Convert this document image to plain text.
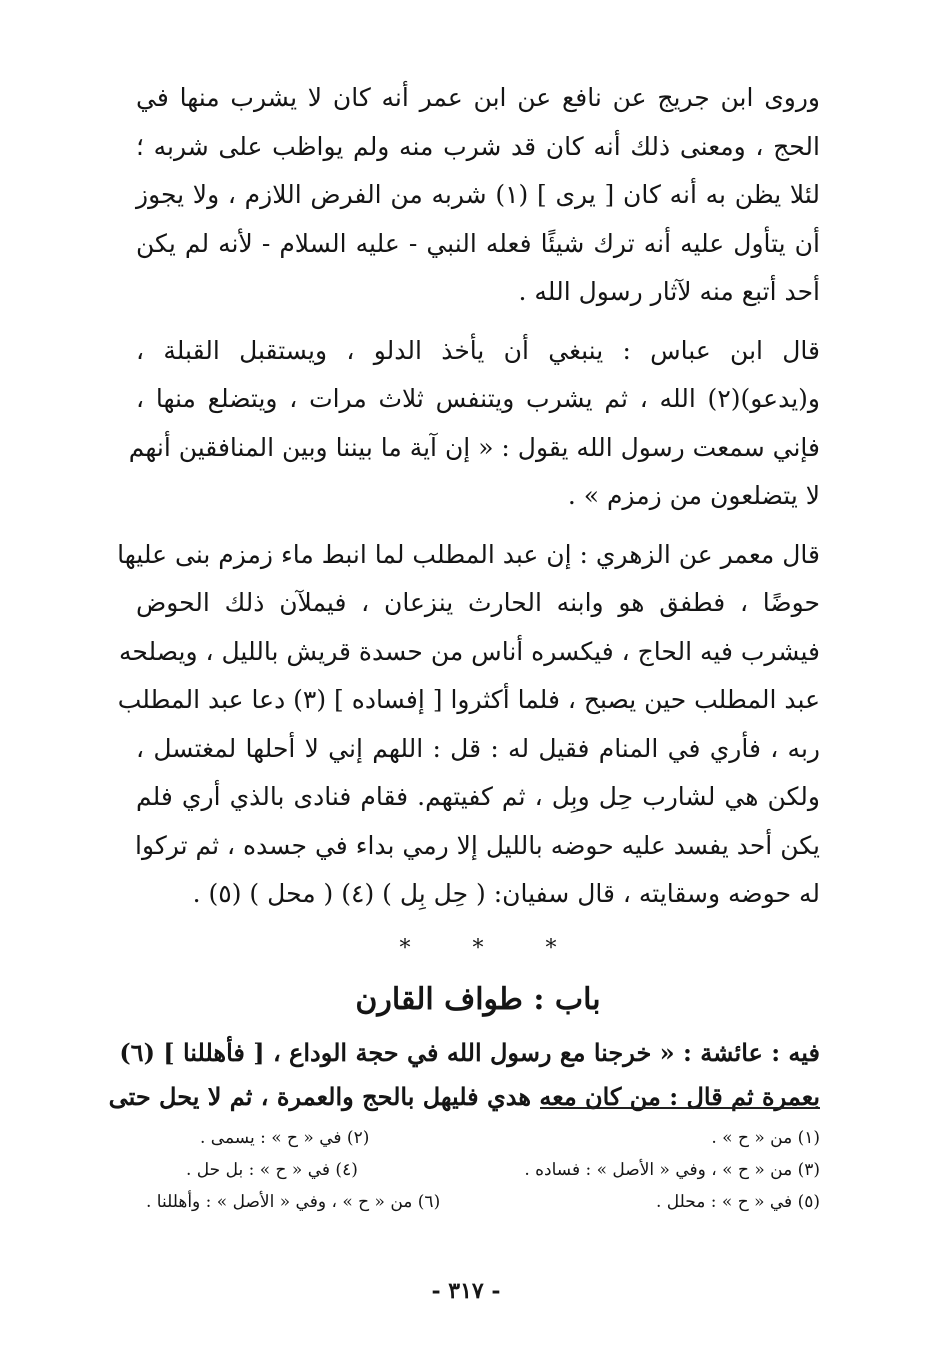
وروى ابن جريج عن نافع عن ابن عمر أنه كان لا يشرب منها في
الحج ، ومعنى ذلك أنه كان قد شرب منه ولم يواظب على شربه ؛
لئلا يظن به أنه كان [ يرى ] (١) شربه من الفرض اللازم ، ولا يجوز
أن يتأول عليه أنه ترك شيئًا فعله النبي - عليه السلام - لأنه لم يكن
أحد أتبع منه لآثار رسول الله .
قال ابن عباس : ينبغي أن يأخذ الدلو ، ويستقبل القبلة ،
و(يدعو)(٢) الله ، ثم يشرب ويتنفس ثلاث مرات ، ويتضلع منها ،
فإني سمعت رسول الله يقول : « إن آية ما بيننا وبين المنافقين أنهم
لا يتضلعون من زمزم » .
قال معمر عن الزهري : إن عبد المطلب لما انبط ماء زمزم بنى عليها
حوضًا ، فطفق هو وابنه الحارث ينزعان ، فيملآن ذلك الحوض
فيشرب فيه الحاج ، فيكسره أناس من حسدة قريش بالليل ، ويصلحه
عبد المطلب حين يصبح ، فلما أكثروا [ إفساده ] (٣) دعا عبد المطلب
ربه ، فأري في المنام فقيل له : قل : اللهم إني لا أحلها لمغتسل ،
ولكن هي لشارب حِل وبِل ، ثم كفيتهم. فقام فنادى بالذي أري فلم
يكن أحد يفسد عليه حوضه بالليل إلا رمي بداء في جسده ، ثم تركوا
له حوضه وسقايته ، قال سفيان: ( حِل بِل ) (٤) ( محل ) (٥) .
*
*
*
باب : طواف القارن
فيه : عائشة : « خرجنا مع رسول الله في حجة الوداع ، [ فأهللنا ] (٦)
بعمرة ثم قال : من كان معه هدي فليهل بالحج والعمرة ، ثم لا يحل حتى
(١) من « ح » .
(٢) في « ح » : يسمى .
(٣) من « ح » ، وفي « الأصل » : فساده .
(٤) في « ح » : بل حل .
(٥) في « ح » : محلل .
(٦) من « ح » ، وفي « الأصل » : وأهللنا .
- ٣١٧ -
